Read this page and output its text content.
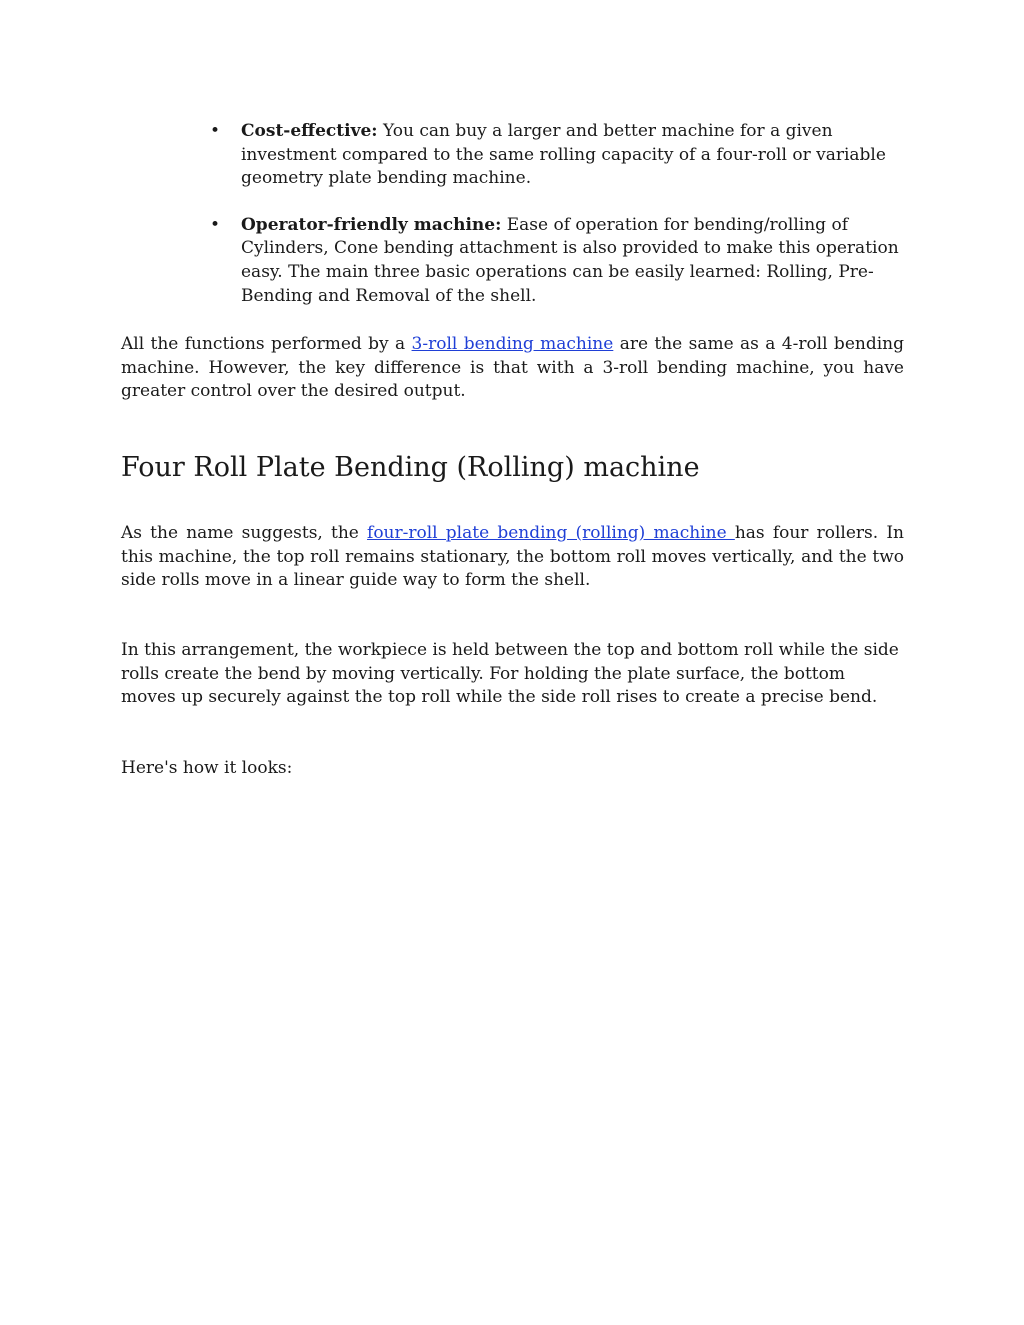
• Cost-effective: You can buy a larger and better machine for a given investment compared to the same rolling capacity of a four-roll or variable geometry plate bending machine.
• Operator-friendly machine: Ease of operation for bending/rolling of Cylinders, Cone bending attachment is also provided to make this operation easy. The main three basic operations can be easily learned: Rolling, Pre-Bending and Removal of the shell.

All the functions performed by a 3-roll bending machine are the same as a 4-roll bending machine. However, the key difference is that with a 3-roll bending machine, you have greater control over the desired output.

Four Roll Plate Bending (Rolling) machine

As the name suggests, the four-roll plate bending (rolling) machine has four rollers. In this machine, the top roll remains stationary, the bottom roll moves vertically, and the two side rolls move in a linear guide way to form the shell.

In this arrangement, the workpiece is held between the top and bottom roll while the side rolls create the bend by moving vertically. For holding the plate surface, the bottom moves up securely against the top roll while the side roll rises to create a precise bend.

Here's how it looks:
